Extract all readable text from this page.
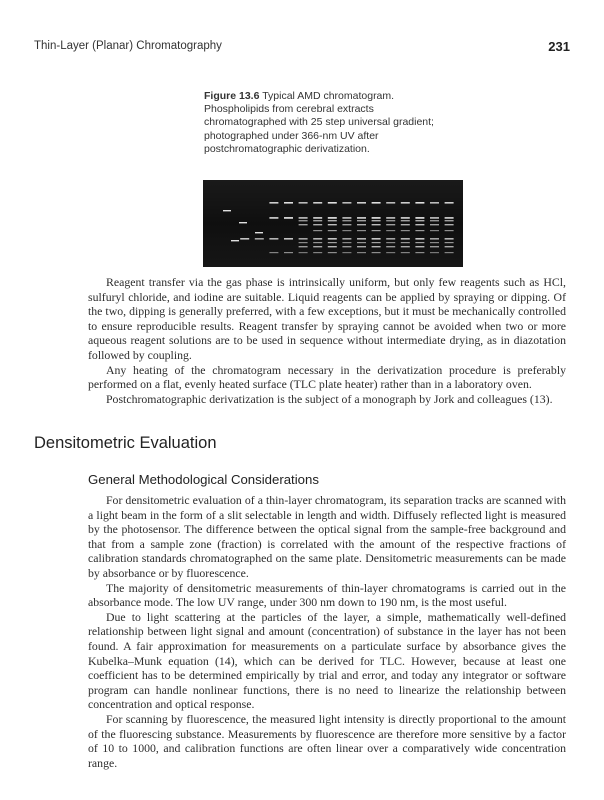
Thin-Layer (Planar) Chromatography	231
Figure 13.6 Typical AMD chromatogram. Phospholipids from cerebral extracts chromatographed with 25 step universal gradient; photographed under 366-nm UV after postchromatographic derivatization.

Reagent transfer via the gas phase is intrinsically uniform, but only few reagents such as HCl, sulfuryl chloride, and iodine are suitable. Liquid reagents can be applied by spraying or dipping. Of the two, dipping is generally preferred, with a few exceptions, but it must be mechanically controlled to ensure reproducible results. Reagent transfer by spraying cannot be avoided when two or more aqueous reagent solutions are to be used in sequence without intermediate drying, as in diazotation followed by coupling.

Any heating of the chromatogram necessary in the derivatization procedure is preferably performed on a flat, evenly heated surface (TLC plate heater) rather than in a laboratory oven.

Postchromatographic derivatization is the subject of a monograph by Jork and colleagues (13).

Densitometric Evaluation
General Methodological Considerations

For densitometric evaluation of a thin-layer chromatogram, its separation tracks are scanned with a light beam in the form of a slit selectable in length and width. Diffusely reflected light is measured by the photosensor. The difference between the optical signal from the sample-free background and that from a sample zone (fraction) is correlated with the amount of the respective fractions of calibration standards chromatographed on the same plate. Densitometric measurements can be made by absorbance or by fluorescence.

The majority of densitometric measurements of thin-layer chromatograms is carried out in the absorbance mode. The low UV range, under 300 nm down to 190 nm, is the most useful.

Due to light scattering at the particles of the layer, a simple, mathematically well-defined relationship between light signal and amount (concentration) of substance in the layer has not been found. A fair approximation for measurements on a particulate surface by absorbance gives the Kubelka–Munk equation (14), which can be derived for TLC. However, because at least one coefficient has to be determined empirically by trial and error, and today any integrator or software program can handle nonlinear functions, there is no need to linearize the relationship between concentration and optical response.

For scanning by fluorescence, the measured light intensity is directly proportional to the amount of the fluorescing substance. Measurements by fluorescence are therefore more sensitive by a factor of 10 to 1000, and calibration functions are often linear over a comparatively wide concentration range.
